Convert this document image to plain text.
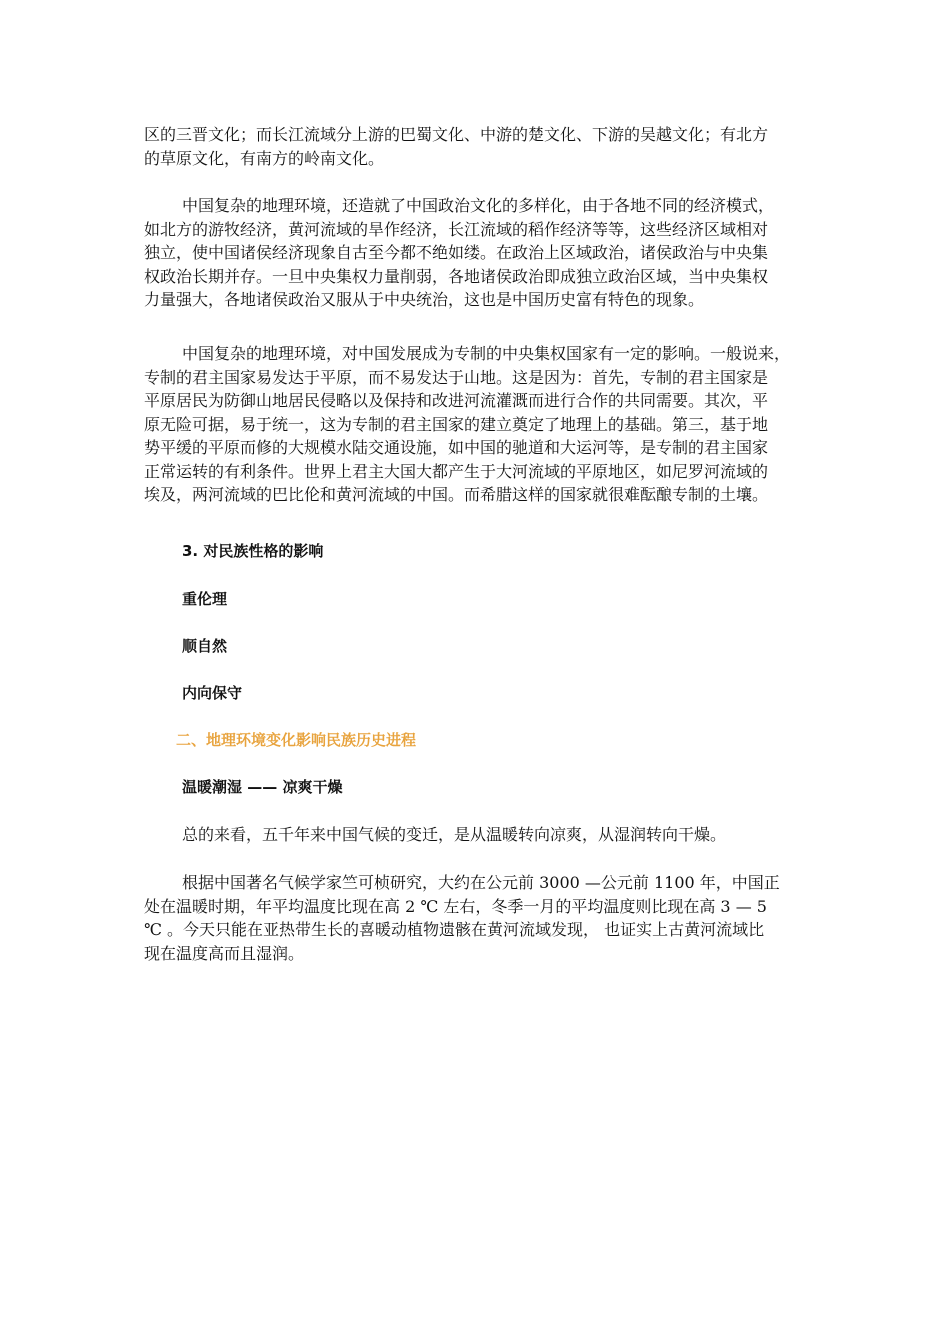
区的三晋文化；而长江流域分上游的巴蜀文化、中游的楚文化、下游的吴越文化；有北方
的草原文化，有南方的岭南文化。
中国复杂的地理环境，还造就了中国政治文化的多样化，由于各地不同的经济模式，
如北方的游牧经济，黄河流域的旱作经济，长江流域的稻作经济等等，这些经济区域相对
独立，使中国诸侯经济现象自古至今都不绝如缕。在政治上区域政治，诸侯政治与中央集
权政治长期并存。一旦中央集权力量削弱，各地诸侯政治即成独立政治区域，当中央集权
力量强大，各地诸侯政治又服从于中央统治，这也是中国历史富有特色的现象。
中国复杂的地理环境，对中国发展成为专制的中央集权国家有一定的影响。一般说来，
专制的君主国家易发达于平原，而不易发达于山地。这是因为：首先，专制的君主国家是
平原居民为防御山地居民侵略以及保持和改进河流灌溉而进行合作的共同需要。其次，平
原无险可据，易于统一，这为专制的君主国家的建立奠定了地理上的基础。第三，基于地
势平缓的平原而修的大规模水陆交通设施，如中国的驰道和大运河等，是专制的君主国家
正常运转的有利条件。世界上君主大国大都产生于大河流域的平原地区，如尼罗河流域的
埃及，两河流域的巴比伦和黄河流域的中国。而希腊这样的国家就很难酝酿专制的土壤。
3. 对民族性格的影响
重伦理
顺自然
内向保守
二、地理环境变化影响民族历史进程
温暖潮湿 —— 凉爽干燥
总的来看，五千年来中国气候的变迁，是从温暖转向凉爽，从湿润转向干燥。
根据中国著名气候学家竺可桢研究，大约在公元前 3000 —公元前 1100 年，中国正
处在温暖时期，年平均温度比现在高 2 ℃ 左右，冬季一月的平均温度则比现在高 3 — 5
℃ 。今天只能在亚热带生长的喜暖动植物遗骸在黄河流域发现， 也证实上古黄河流域比
现在温度高而且湿润。
